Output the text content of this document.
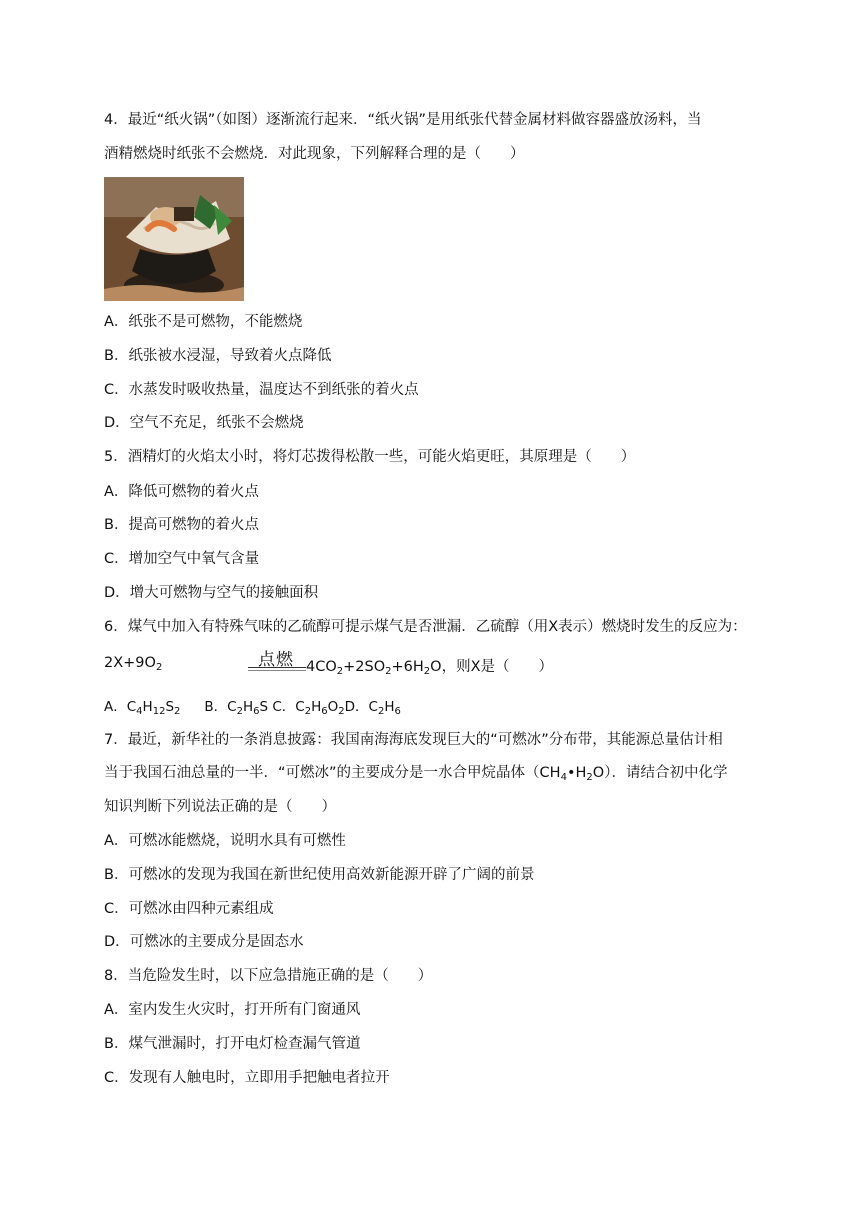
4．最近“纸火锅”（如图）逐渐流行起来．“纸火锅”是用纸张代替金属材料做容器盛放汤料，当
酒精燃烧时纸张不会燃烧．对此现象，下列解释合理的是（　　）
A．纸张不是可燃物，不能燃烧
B．纸张被水浸湿，导致着火点降低
C．水蒸发时吸收热量，温度达不到纸张的着火点
D．空气不充足，纸张不会燃烧
5．酒精灯的火焰太小时，将灯芯拨得松散一些，可能火焰更旺，其原理是（　　）
A．降低可燃物的着火点
B．提高可燃物的着火点
C．增加空气中氧气含量
D．增大可燃物与空气的接触面积
6．煤气中加入有特殊气味的乙硫醇可提示煤气是否泄漏．乙硫醇（用X表示）燃烧时发生的反应为：
$2X+9O_2$	点燃 $4CO_2+2SO_2+6H_2O$，则X是（　　）
A．$C_4H_{12}S_2$ B．$C_2H_6S$ C．$C_2H_6O_2D$．$C_2H_6$
7．最近，新华社的一条消息披露：我国南海海底发现巨大的“可燃冰”分布带，其能源总量估计相
当于我国石油总量的一半．“可燃冰”的主要成分是一水合甲烷晶体$(CH_4•H_2O)$．请结合初中化学
知识判断下列说法正确的是（　　）
A．可燃冰能燃烧，说明水具有可燃性
B．可燃冰的发现为我国在新世纪使用高效新能源开辟了广阔的前景
C．可燃冰由四种元素组成
D．可燃冰的主要成分是固态水
8．当危险发生时，以下应急措施正确的是（　　）
A．室内发生火灾时，打开所有门窗通风
B．煤气泄漏时，打开电灯检查漏气管道
C．发现有人触电时，立即用手把触电者拉开
